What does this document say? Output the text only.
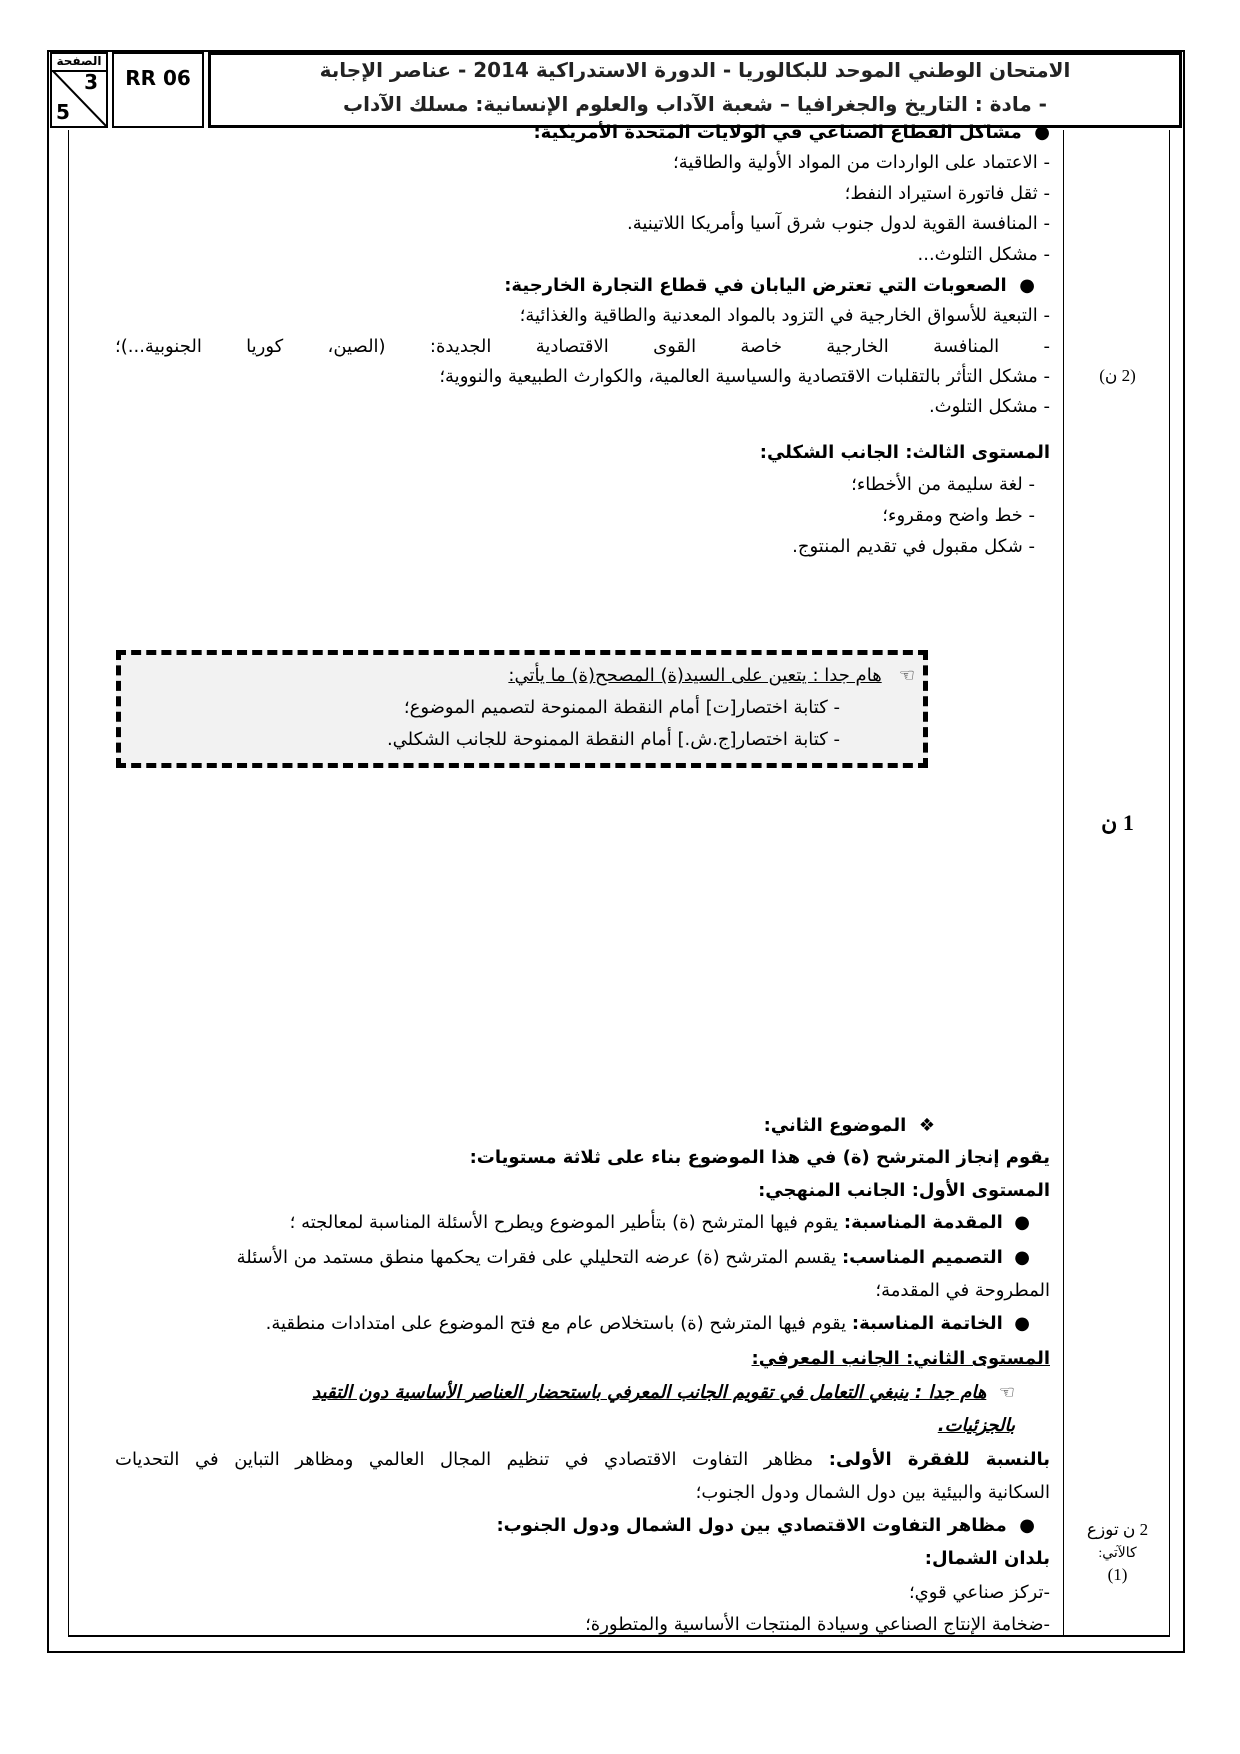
الصفحة
3
5
RR 06	الامتحان الوطني الموحد للبكالوريا - الدورة الاستدراكية 2014 - عناصر الإجابة
- مادة : التاريخ والجغرافيا – شعبة الآداب والعلوم الإنسانية: مسلك الآداب
●  مشاكل القطاع الصناعي في الولايات المتحدة الأمريكية:
- الاعتماد على الواردات من المواد الأولية والطاقية؛
- ثقل فاتورة استيراد النفط؛
- المنافسة القوية لدول جنوب شرق آسيا وأمريكا اللاتينية.
- مشكل التلوث...
●  الصعوبات التي تعترض اليابان في قطاع التجارة الخارجية:
- التبعية للأسواق الخارجية في التزود بالمواد المعدنية والطاقية والغذائية؛
- المنافسة الخارجية خاصة القوى الاقتصادية الجديدة: (الصين، كوريا الجنوبية...)؛
- مشكل التأثر بالتقلبات الاقتصادية والسياسية العالمية، والكوارث الطبيعية والنووية؛
- مشكل التلوث.
المستوى الثالث: الجانب الشكلي:
- لغة سليمة من الأخطاء؛
- خط واضح ومقروء؛
- شكل مقبول في تقديم المنتوج.
☜   هام جدا : يتعين على السيد(ة) المصحح(ة) ما يأتي:
- كتابة اختصار[ت] أمام النقطة الممنوحة لتصميم الموضوع؛
- كتابة اختصار[ج.ش.] أمام النقطة الممنوحة للجانب الشكلي.
❖  الموضوع الثاني:
يقوم إنجاز المترشح (ة) في هذا الموضوع بناء على ثلاثة مستويات:
المستوى الأول: الجانب المنهجي:
●  المقدمة المناسبة: يقوم فيها المترشح (ة) بتأطير الموضوع ويطرح الأسئلة المناسبة لمعالجته ؛
●  التصميم المناسب: يقسم المترشح (ة) عرضه التحليلي على فقرات يحكمها منطق مستمد من الأسئلة
المطروحة في المقدمة؛
●  الخاتمة المناسبة: يقوم فيها المترشح (ة) باستخلاص عام مع فتح الموضوع على امتدادات منطقية.
المستوى الثاني: الجانب المعرفي:
☜  هام جدا : ينبغي التعامل في تقويم الجانب المعرفي باستحضار العناصر الأساسية دون التقيد
بالجزئيات.
بالنسبة للفقرة الأولى: مظاهر التفاوت الاقتصادي في تنظيم المجال العالمي ومظاهر التباين في التحديات
السكانية والبيئية بين دول الشمال ودول الجنوب؛
●  مظاهر التفاوت الاقتصادي بين دول الشمال ودول الجنوب:
بلدان الشمال:
-تركز صناعي قوي؛
-ضخامة الإنتاج الصناعي وسيادة المنتجات الأساسية والمتطورة؛
(2 ن)
1 ن
2 ن توزع
كالآتي:
(1)
